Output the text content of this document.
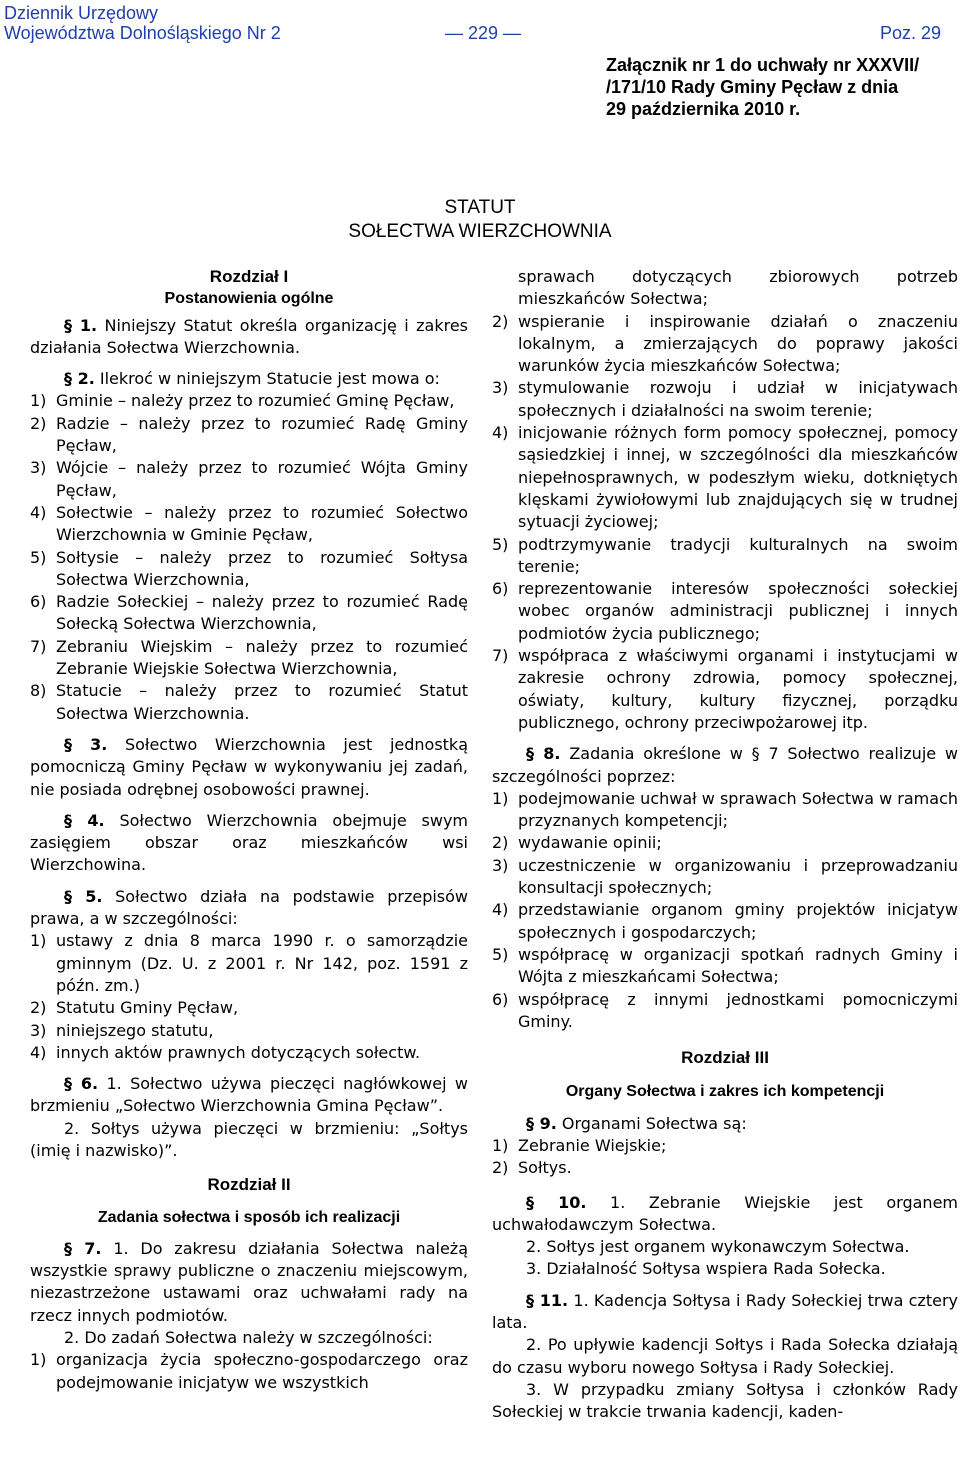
Dziennik Urzędowy
Województwa Dolnośląskiego Nr 2	— 229 —	Poz. 29
Załącznik nr 1 do uchwały nr XXXVII/
/171/10 Rady Gminy Pęcław z dnia
29 października 2010 r.
STATUT
SOŁECTWA WIERZCHOWNIA

Rozdział I

Postanowienia ogólne

§ 1. Niniejszy Statut określa organizację i zakres działania Sołectwa Wierzchownia.

§ 2. Ilekroć w niniejszym Statucie jest mowa o:

1) Gminie – należy przez to rozumieć Gminę Pęcław,
2) Radzie – należy przez to rozumieć Radę Gminy Pęcław,
3) Wójcie – należy przez to rozumieć Wójta Gminy Pęcław,
4) Sołectwie – należy przez to rozumieć Sołectwo Wierzchownia w Gminie Pęcław,
5) Sołtysie – należy przez to rozumieć Sołtysa Sołectwa Wierzchownia,
6) Radzie Sołeckiej – należy przez to rozumieć Radę Sołecką Sołectwa Wierzchownia,
7) Zebraniu Wiejskim – należy przez to rozumieć Zebranie Wiejskie Sołectwa Wierzchownia,
8) Statucie – należy przez to rozumieć Statut Sołectwa Wierzchownia.

§ 3. Sołectwo Wierzchownia jest jednostką pomocniczą Gminy Pęcław w wykonywaniu jej zadań, nie posiada odrębnej osobowości prawnej.

§ 4. Sołectwo Wierzchownia obejmuje swym zasięgiem obszar oraz mieszkańców wsi Wierzchowina.

§ 5. Sołectwo działa na podstawie przepisów prawa, a w szczególności:

1) ustawy z dnia 8 marca 1990 r. o samorządzie gminnym (Dz. U. z 2001 r. Nr 142, poz. 1591 z późn. zm.)
2) Statutu Gminy Pęcław,
3) niniejszego statutu,
4) innych aktów prawnych dotyczących sołectw.

§ 6. 1. Sołectwo używa pieczęci nagłówkowej w brzmieniu „Sołectwo Wierzchownia Gmina Pęcław”.

2. Sołtys używa pieczęci w brzmieniu: „Sołtys (imię i nazwisko)”.

Rozdział II

Zadania sołectwa i sposób ich realizacji

§ 7. 1. Do zakresu działania Sołectwa należą wszystkie sprawy publiczne o znaczeniu miejscowym, niezastrzeżone ustawami oraz uchwałami rady na rzecz innych podmiotów.

2. Do zadań Sołectwa należy w szczególności:

1) organizacja życia społeczno-gospodarczego oraz podejmowanie inicjatyw we wszystkich
sprawach dotyczących zbiorowych potrzeb mieszkańców Sołectwa;
2) wspieranie i inspirowanie działań o znaczeniu lokalnym, a zmierzających do poprawy jakości warunków życia mieszkańców Sołectwa;
3) stymulowanie rozwoju i udział w inicjatywach społecznych i działalności na swoim terenie;
4) inicjowanie różnych form pomocy społecznej, pomocy sąsiedzkiej i innej, w szczególności dla mieszkańców niepełnosprawnych, w podeszłym wieku, dotkniętych klęskami żywiołowymi lub znajdujących się w trudnej sytuacji życiowej;
5) podtrzymywanie tradycji kulturalnych na swoim terenie;
6) reprezentowanie interesów społeczności sołeckiej wobec organów administracji publicznej i innych podmiotów życia publicznego;
7) współpraca z właściwymi organami i instytucjami w zakresie ochrony zdrowia, pomocy społecznej, oświaty, kultury, kultury fizycznej, porządku publicznego, ochrony przeciwpożarowej itp.

§ 8. Zadania określone w § 7 Sołectwo realizuje w szczególności poprzez:

1) podejmowanie uchwał w sprawach Sołectwa w ramach przyznanych kompetencji;
2) wydawanie opinii;
3) uczestniczenie w organizowaniu i przeprowadzaniu konsultacji społecznych;
4) przedstawianie organom gminy projektów inicjatyw społecznych i gospodarczych;
5) współpracę w organizacji spotkań radnych Gminy i Wójta z mieszkańcami Sołectwa;
6) współpracę z innymi jednostkami pomocniczymi Gminy.

Rozdział III

Organy Sołectwa i zakres ich kompetencji

§ 9. Organami Sołectwa są:

1) Zebranie Wiejskie;
2) Sołtys.

§ 10. 1. Zebranie Wiejskie jest organem uchwałodawczym Sołectwa.

2. Sołtys jest organem wykonawczym Sołectwa.

3. Działalność Sołtysa wspiera Rada Sołecka.

§ 11. 1. Kadencja Sołtysa i Rady Sołeckiej trwa cztery lata.

2. Po upływie kadencji Sołtys i Rada Sołecka działają do czasu wyboru nowego Sołtysa i Rady Sołeckiej.

3. W przypadku zmiany Sołtysa i członków Rady Sołeckiej w trakcie trwania kadencji, kaden-
